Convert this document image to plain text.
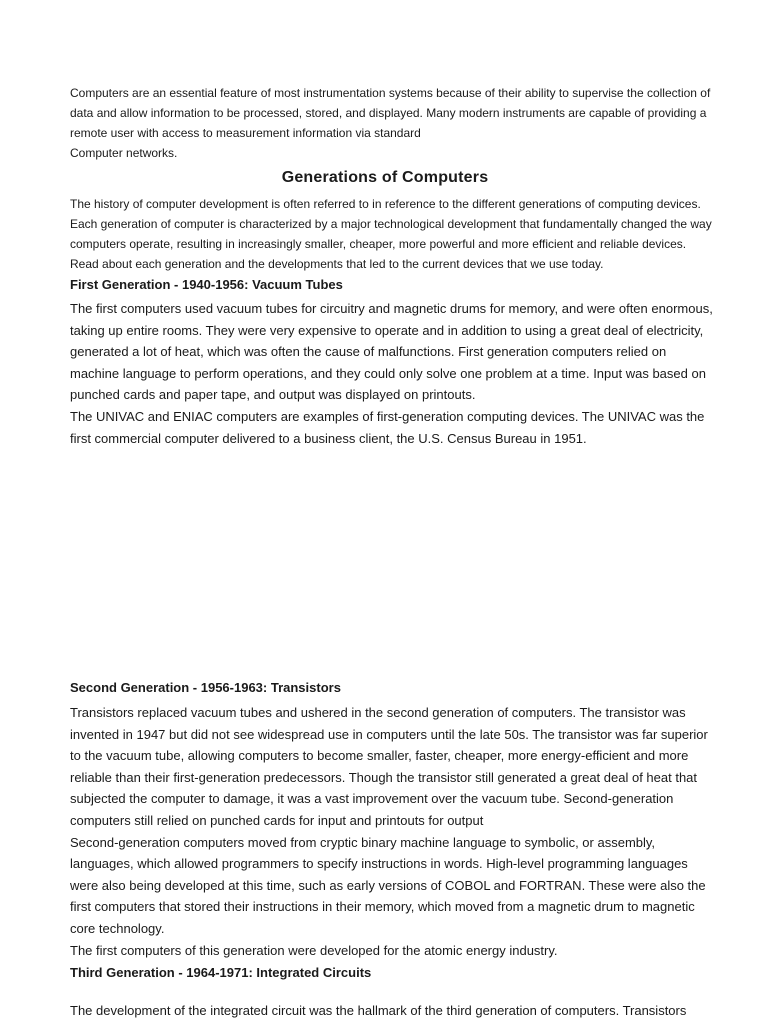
Computers are an essential feature of most instrumentation systems because of their ability to supervise the collection of
data and allow information to be processed, stored, and displayed. Many modern instruments are capable of providing a
remote user with access to measurement information via standard
Computer networks.

Generations of Computers

The history of computer development is often referred to in reference to the different generations of computing devices.
Each generation of computer is characterized by a major technological development that fundamentally changed the way
computers operate, resulting in increasingly smaller, cheaper, more powerful and more efficient and reliable devices.
Read about each generation and the developments that led to the current devices that we use today.

First Generation - 1940-1956: Vacuum Tubes

The first computers used vacuum tubes for circuitry and magnetic drums for memory, and were often enormous,
taking up entire rooms. They were very expensive to operate and in addition to using a great deal of electricity,
generated a lot of heat, which was often the cause of malfunctions. First generation computers relied on
machine language to perform operations, and they could only solve one problem at a time. Input was based on
punched cards and paper tape, and output was displayed on printouts.
The UNIVAC and ENIAC computers are examples of first-generation computing devices. The UNIVAC was the
first commercial computer delivered to a business client, the U.S. Census Bureau in 1951.

Second Generation - 1956-1963: Transistors

Transistors replaced vacuum tubes and ushered in the second generation of computers. The transistor was
invented in 1947 but did not see widespread use in computers until the late 50s. The transistor was far superior
to the vacuum tube, allowing computers to become smaller, faster, cheaper, more energy-efficient and more
reliable than their first-generation predecessors. Though the transistor still generated a great deal of heat that
subjected the computer to damage, it was a vast improvement over the vacuum tube. Second-generation
computers still relied on punched cards for input and printouts for output
Second-generation computers moved from cryptic binary machine language to symbolic, or assembly,
languages, which allowed programmers to specify instructions in words. High-level programming languages
were also being developed at this time, such as early versions of COBOL and FORTRAN. These were also the
first computers that stored their instructions in their memory, which moved from a magnetic drum to magnetic
core technology.
The first computers of this generation were developed for the atomic energy industry.

Third Generation - 1964-1971: Integrated Circuits

The development of the integrated circuit was the hallmark of the third generation of computers. Transistors
